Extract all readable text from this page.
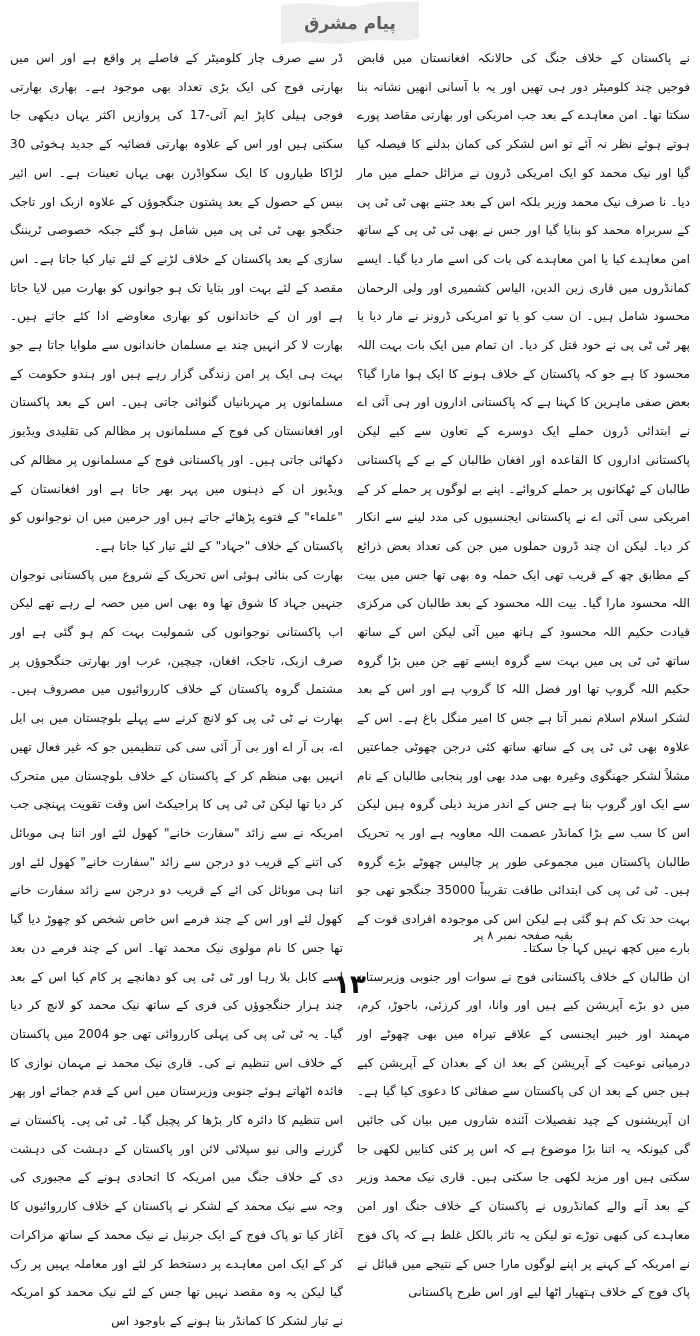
پیام مشرق

ڈر سے صرف چار کلومیٹر کے فاصلے پر واقع ہے اور اس میں بھارتی فوج کی ایک بڑی تعداد بھی موجود ہے۔ بھاری بھارتی فوجی ہیلی کاپڑ ایم آئی-17 کی پروازیں اکثر یہاں دیکھی جا سکتی ہیں اور اس کے علاوہ بھارتی فضائیہ کے جدید ہخوئی 30 لڑاکا طیاروں کا ایک سکواڈرن بھی یہاں تعینات ہے۔ اس ائیر بیس کے حصول کے بعد پشتون جنگجوؤں کے علاوہ ازبک اور تاجک جنگجو بھی ٹی ٹی پی میں شامل ہو گئے جبکہ خصوصی ٹریننگ سازی کے بعد پاکستان کے خلاف لڑنے کے لئے تیار کیا جاتا ہے۔ اس مقصد کے لئے بہت اور بتایا تک ہو جوانوں کو بھارت میں لایا جاتا ہے اور ان کے خاندانوں کو بھاری معاوضے ادا کئے جاتے ہیں۔ بھارت لا کر انہیں چند بے مسلمان خاندانوں سے ملوایا جاتا ہے جو بہت ہی ایک پر امن زندگی گزار رہے ہیں اور ہندو حکومت کے مسلمانوں پر مہربانیاں گنوائی جاتی ہیں۔ اس کے بعد پاکستان اور افغانستان کی فوج کے مسلمانوں پر مظالم کی تقلیدی ویڈیوز دکھائی جاتی ہیں۔ اور پاکستانی فوج کے مسلمانوں پر مظالم کی ویڈیوز ان کے ذہنوں میں پہر بھر جاتا ہے اور افغانستان کے "علماء" کے فتوے پڑھائے جاتے ہیں اور حرمین میں ان نوجوانوں کو پاکستان کے خلاف "جہاد" کے لئے تیار کیا جاتا ہے۔

بھارت کی بنائی ہوئی اس تحریک کے شروع میں پاکستانی نوجوان جنہیں جہاد کا شوق تھا وہ بھی اس میں حصہ لے رہے تھے لیکن اب پاکستانی نوجوانوں کی شمولیت بہت کم ہو گئی ہے اور صرف ازبک، تاجک، افغان، چیچین، عرب اور بھارتی جنگجوؤں پر مشتمل گروہ پاکستان کے خلاف کارروائیوں میں مصروف ہیں۔ بھارت نے ٹی ٹی پی کو لانچ کرنے سے پہلے بلوچستان میں بی ایل اے، بی آر اے اور بی آر آئی سی کی تنظیمیں جو کہ غیر فعال تھیں انہیں بھی منظم کر کے پاکستان کے خلاف بلوچستان میں متحرک کر دیا تھا لیکن ٹی ٹی پی کا پراجیکٹ اس وقت تقویت پہنچی جب امریکہ نے سے زائد "سفارت خانے" کھول لئے اور اتنا ہی موبائل کی اتنے کے قریب دو درجن سے زائد "سفارت خانے" کھول لئے اور اتنا ہی موبائل کی ائے کے قریب دو درجن سے زائد سفارت خانے کھول لئے اور اس کے چند فرمے اس خاص شخص کو چھوڑ دیا گیا تھا جس کا نام مولوی نیک محمد تھا۔ اس کے چند فرمے دن بعد اسے کابل بلا رہا اور ٹی ٹی پی کو دھانچے پر کام کیا اس کے بعد چند ہزار جنگجوؤں کی فری کے ساتھ نیک محمد کو لانچ کر دیا گیا۔ یہ ٹی ٹی پی کی پہلی کارروائی تھی جو 2004 میں پاکستان کے خلاف اس تنظیم نے کی۔ قاری نیک محمد نے مہمان نوازی کا فائدہ اٹھاتے ہوئے جنوبی وزیرستان میں اس کے قدم جمائے اور پھر اس تنظیم کا دائرہ کار بڑھا کر پچیل گیا۔ ٹی ٹی پی۔ پاکستان نے گزرنے والی نیو سپلائی لائن اور پاکستان کے دہشت کی دہشت دی کے خلاف جنگ میں امریکہ کا اتحادی ہونے کے مجبوری کی وجہ سے نیک محمد کے لشکر نے پاکستان کے خلاف کارروائیوں کا آغاز کیا تو پاک فوج کے ایک جرنیل نے نیک محمد کے ساتھ مزاکرات کر کے ایک امن معاہدے پر دستخط کر لئے اور معاملہ یہیں پر رک گیا لیکن یہ وہ مقصد نہیں تھا جس کے لئے نیک محمد کو امریکہ نے تیار لشکر کا کمانڈر بنا ہونے کے باوجود اس

نے پاکستان کے خلاف جنگ کی حالانکہ افغانستان میں قابض فوجیں چند کلومیٹر دور ہی تھیں اور یہ با آسانی انھیں نشانہ بنا سکتا تھا۔ امن معاہدے کے بعد جب امریکی اور بھارتی مقاصد پورے ہوتے ہوئے نظر نہ آئے تو اس لشکر کی کمان بدلنے کا فیصلہ کیا گیا اور نیک محمد کو ایک امریکی ڈرون نے مزائل حملے میں مار دیا۔ نا صرف نیک محمد وزیر بلکہ اس کے بعد جتنے بھی ٹی ٹی پی کے سربراہ محمد کو بنایا گیا اور جس نے بھی ٹی ٹی پی کے ساتھ امن معاہدے کیا یا امن معاہدے کی بات کی اسے مار دیا گیا۔ ایسے کمانڈروں میں قاری زین الدین، الیاس کشمیری اور ولی الرحمان محسود شامل ہیں۔ ان سب کو یا تو امریکی ڈرونز نے مار دیا یا پھر ٹی ٹی پی نے خود قتل کر دیا۔ ان تمام میں ایک بات بہت اللہ محسود کا ہے جو کہ پاکستان کے خلاف ہونے کا ایک ہوا مارا گیا؟ بعض صفی ماہرین کا کہنا ہے کہ پاکستانی اداروں اور ہی آئی اے نے ابتدائی ڈرون حملے ایک دوسرے کے تعاون سے کیے لیکن پاکستانی اداروں کا القاعدہ اور افغان طالبان کے بے کے پاکستانی طالبان کے ٹھکانوں پر حملے کروائے۔ اپنے بے لوگوں پر حملے کر کے امریکی سی آئی اے نے پاکستانی ایجنسیوں کی مدد لینے سے انکار کر دیا۔ لیکن ان چند ڈرون حملوں میں جن کی تعداد بعض ذرائع کے مطابق چھ کے قریب تھی ایک حملہ وہ بھی تھا جس میں بیت اللہ محسود مارا گیا۔ بیت اللہ محسود کے بعد طالبان کی مرکزی قیادت حکیم اللہ محسود کے ہاتھ میں آئی لیکن اس کے ساتھ ساتھ ٹی ٹی پی میں بہت سے گروہ ایسے تھے جن میں بڑا گروہ حکیم اللہ گروپ تھا اور فضل اللہ کا گروپ ہے اور اس کے بعد لشکر اسلام اسلام نمبر آتا ہے جس کا امیر منگل باغ ہے۔ اس کے علاوہ بھی ٹی ٹی پی کے ساتھ ساتھ کئی درجن چھوٹی جماعتیں مشلاً لشکر جھنگوی وغیرہ بھی مدد بھی اور پنجابی طالبان کے نام سے ایک اور گروپ بنا ہے جس کے اندر مزید ذیلی گروہ ہیں لیکن اس کا سب سے بڑا کمانڈر عصمت اللہ معاویہ ہے اور یہ تحریک طالبان پاکستان میں مجموعی طور پر چالیس چھوٹے بڑے گروہ ہیں۔ ٹی ٹی پی کی ابتدائی طاقت تقریباً 35000 جنگجو تھی جو بہت حد تک کم ہو گئی ہے لیکن اس کی موجودہ افرادی قوت کے بارے میں کچھ نہیں کہا جا سکتا۔

ان طالبان کے خلاف پاکستانی فوج نے سوات اور جنوبی وزیرستان میں دو بڑے آپریشن کیے ہیں اور وانا، اور کرزئی، باجوڑ، کرم، مہمند اور خیبر ایجنسی کے علاقے تیراہ میں بھی چھوٹے اور درمیانی نوعیت کے آپریشن کے بعد ان کے بعدان کے آپریشن کیے ہیں جس کے بعد ان کی پاکستان سے صفائی کا دعوی کیا گیا ہے۔ ان آپریشنوں کے چید تفصیلات آئندہ شاروں میں بیان کی جائیں گی کیونکہ یہ اتنا بڑا موضوع ہے کہ اس پر کئی کتابیں لکھی جا سکتی ہیں اور مزید لکھی جا سکتی ہیں۔ قاری نیک محمد وزیر کے بعد آنے والے کمانڈروں نے پاکستان کے خلاف جنگ اور امن معاہدے کی کبھی توڑے تو لیکن یہ تاثر بالکل غلط ہے کہ پاک فوج نے امریکہ کے کہنے پر اپنے لوگوں مارا جس کے نتیجے میں قبائل نے پاک فوج کے خلاف ہتھیار اٹھا لیے اور اس طرح پاکستانی

بقیہ صفحہ نمبر ۸ پر
۱۳
